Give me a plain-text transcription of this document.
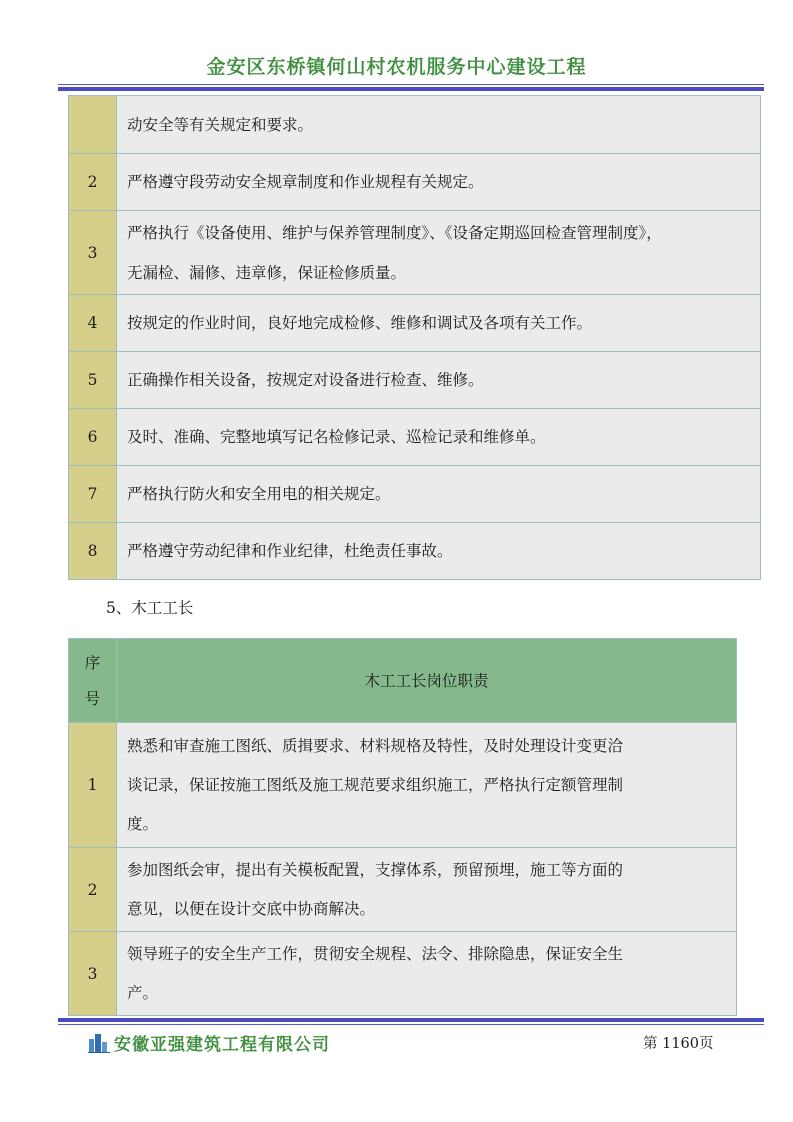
金安区东桥镇何山村农机服务中心建设工程
	动安全等有关规定和要求。
2	严格遵守段劳动安全规章制度和作业规程有关规定。
3	严格执行《设备使用、维护与保养管理制度》、《设备定期巡回检查管理制度》，
无漏检、漏修、违章修，保证检修质量。

4	按规定的作业时间，良好地完成检修、维修和调试及各项有关工作。
5	正确操作相关设备，按规定对设备进行检查、维修。
6	及时、准确、完整地填写记名检修记录、巡检记录和维修单。
7	严格执行防火和安全用电的相关规定。
8	严格遵守劳动纪律和作业纪律，杜绝责任事故。
5、木工工长
序
号	木工工长岗位职责
1	熟悉和审查施工图纸、质揖要求、材料规格及特性，及时处理设计变更洽
谈记录，保证按施工图纸及施工规范要求组织施工，严格执行定额管理制
度。

2	参加图纸会审，提出有关模板配置，支撑体系，预留预埋，施工等方面的
意见，以便在设计交底中协商解决。

3	领导班子的安全生产工作，贯彻安全规程、法令、排除隐患，保证安全生
产。
安徽亚强建筑工程有限公司	第 1160页
